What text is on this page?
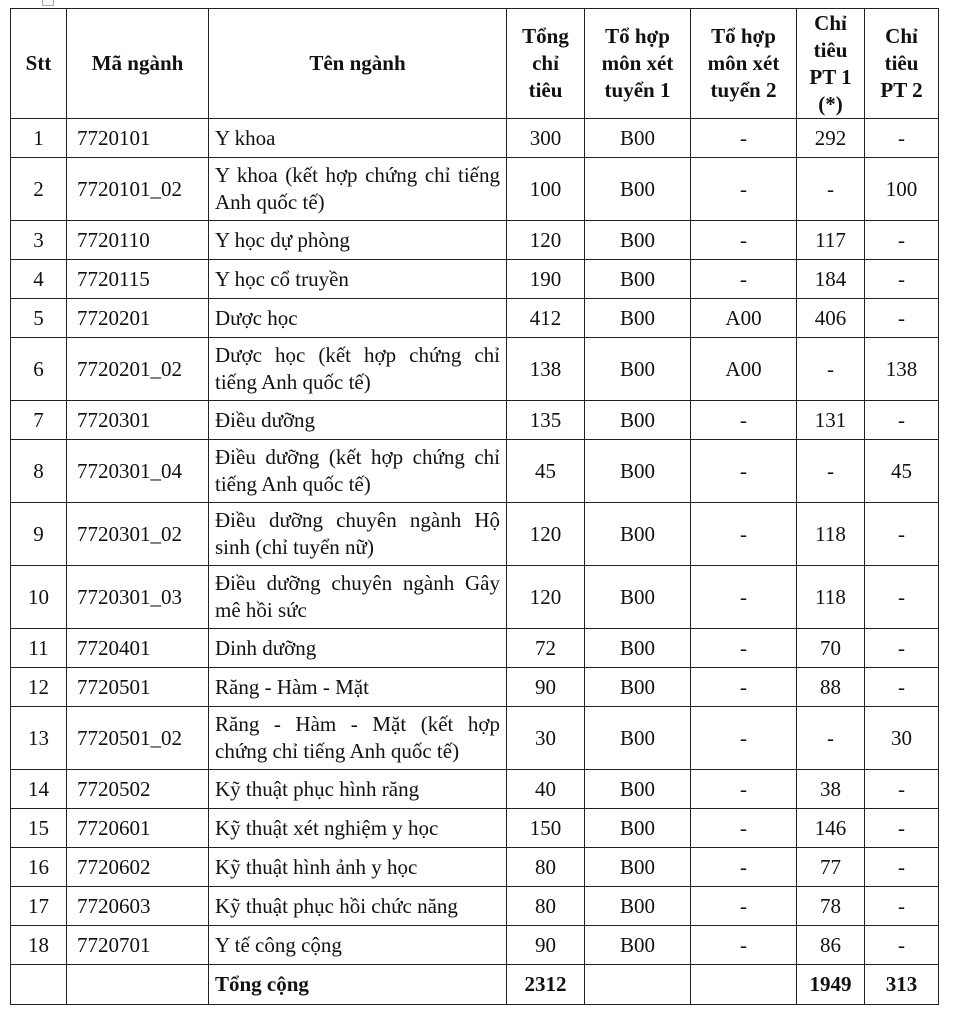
Stt	Mã ngành	Tên ngành	Tổng chỉ tiêu	Tổ hợp môn xét tuyển 1	Tổ hợp môn xét tuyển 2	Chỉ tiêu PT 1 (*)	Chỉ tiêu PT 2
1	7720101	Y khoa	300	B00	-	292	-
2	7720101_02	Y khoa (kết hợp chứng chỉ tiếng Anh quốc tế)	100	B00	-	-	100
3	7720110	Y học dự phòng	120	B00	-	117	-
4	7720115	Y học cổ truyền	190	B00	-	184	-
5	7720201	Dược học	412	B00	A00	406	-
6	7720201_02	Dược học (kết hợp chứng chỉ tiếng Anh quốc tế)	138	B00	A00	-	138
7	7720301	Điều dưỡng	135	B00	-	131	-
8	7720301_04	Điều dưỡng (kết hợp chứng chỉ tiếng Anh quốc tế)	45	B00	-	-	45
9	7720301_02	Điều dưỡng chuyên ngành Hộ sinh (chỉ tuyển nữ)	120	B00	-	118	-
10	7720301_03	Điều dưỡng chuyên ngành Gây mê hồi sức	120	B00	-	118	-
11	7720401	Dinh dưỡng	72	B00	-	70	-
12	7720501	Răng - Hàm - Mặt	90	B00	-	88	-
13	7720501_02	Răng - Hàm - Mặt (kết hợp chứng chỉ tiếng Anh quốc tế)	30	B00	-	-	30
14	7720502	Kỹ thuật phục hình răng	40	B00	-	38	-
15	7720601	Kỹ thuật xét nghiệm y học	150	B00	-	146	-
16	7720602	Kỹ thuật hình ảnh y học	80	B00	-	77	-
17	7720603	Kỹ thuật phục hồi chức năng	80	B00	-	78	-
18	7720701	Y tế công cộng	90	B00	-	86	-
		Tổng cộng	2312			1949	313
